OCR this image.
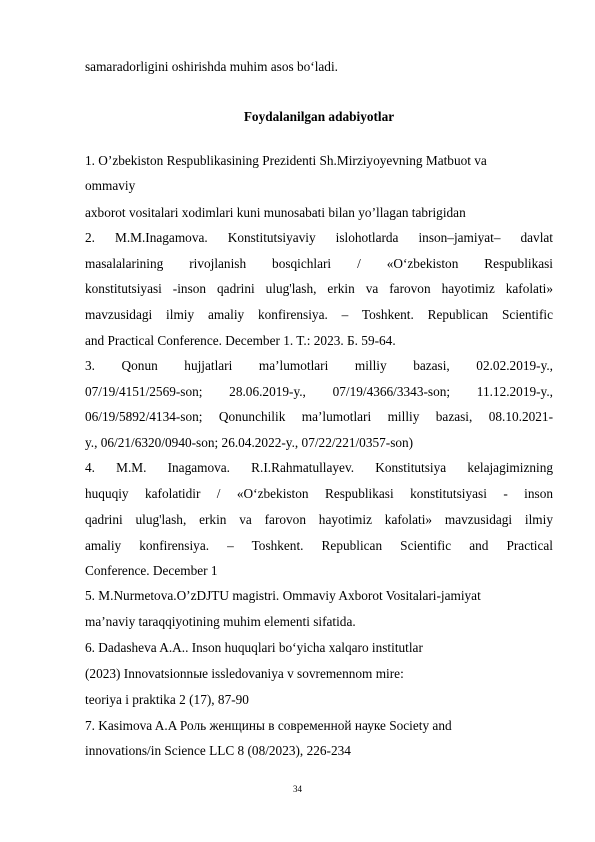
samaradorligini oshirishda muhim asos bo‘ladi.
Foydalanilgan adabiyotlar
1. O’zbekiston Respublikasining Prezidenti Sh.Mirziyoyevning Matbuot va
ommaviy
axborot vositalari xodimlari kuni munosabati bilan yo’llagan tabrigidan
2. M.M.Inagamova. Konstitutsiyaviy islohotlarda inson–jamiyat– davlat
masalalarining rivojlanish bosqichlari / «O‘zbekiston Respublikasi
konstitutsiyasi -inson qadrini ulug'lash, erkin va farovon hayotimiz kafolati»
mavzusidagi ilmiy amaliy konfirensiya. – Toshkent. Republican Scientific
and Practical Conference. December 1. T.: 2023. Б. 59-64.
3. Qonun hujjatlari ma’lumotlari milliy bazasi, 02.02.2019-y.,
07/19/4151/2569-son; 28.06.2019-y., 07/19/4366/3343-son; 11.12.2019-y.,
06/19/5892/4134-son; Qonunchilik ma’lumotlari milliy bazasi, 08.10.2021-
y., 06/21/6320/0940-son; 26.04.2022-y., 07/22/221/0357-son)
4. M.M. Inagamova. R.I.Rahmatullayev. Konstitutsiya kelajagimizning
huquqiy kafolatidir / «O‘zbekiston Respublikasi konstitutsiyasi - inson
qadrini ulug'lash, erkin va farovon hayotimiz kafolati» mavzusidagi ilmiy
amaliy konfirensiya. – Toshkent. Republican Scientific and Practical
Conference. December 1
5. M.Nurmetova.O’zDJTU magistri. Ommaviy Axborot Vositalari-jamiyat
ma’naviy taraqqiyotining muhim elementi sifatida.
6. Dadasheva A.A.. Inson huquqlari bo‘yicha xalqaro institutlar
(2023) Innovatsionnые issledovaniya v sovremennom mire:
teoriya i praktika 2 (17), 87-90
7. Kasimova A.A Роль женщины в современной науке Society and
innovations/in Science LLC 8 (08/2023), 226-234
34
